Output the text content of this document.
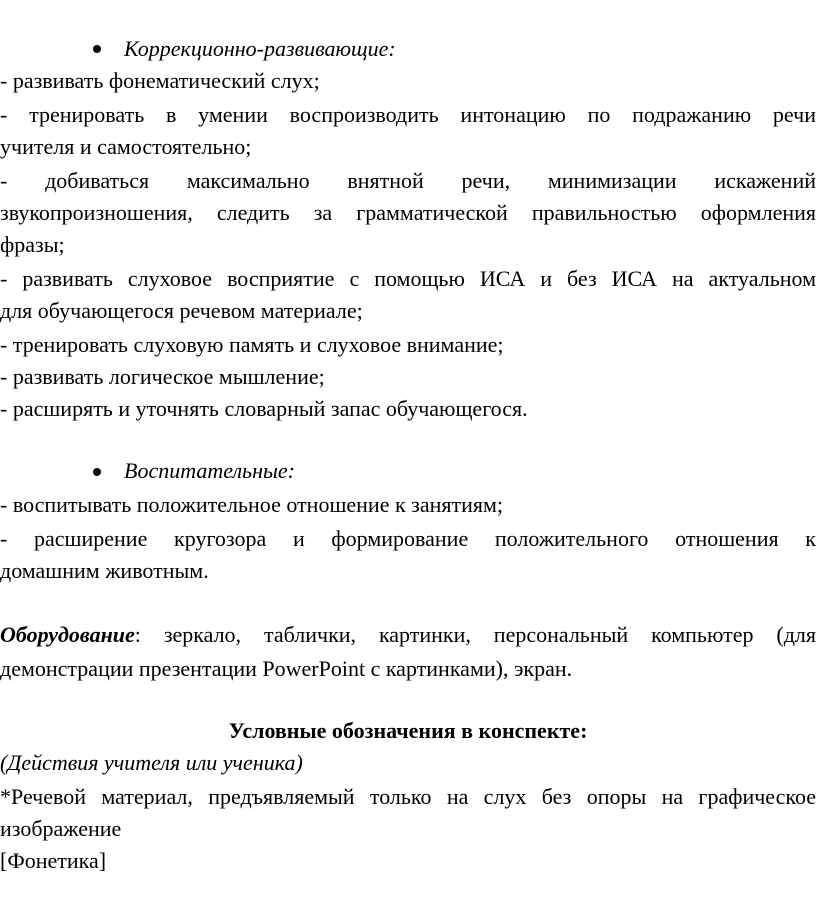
Коррекционно-развивающие:
- развивать фонематический слух;
- тренировать в умении воспроизводить интонацию по подражанию речи
учителя и самостоятельно;
- добиваться максимально внятной речи, минимизации искажений
звукопроизношения, следить за грамматической правильностью оформления
фразы;
- развивать слуховое восприятие с помощью ИСА и без ИСА на актуальном
для обучающегося речевом материале;
- тренировать слуховую память и слуховое внимание;
- развивать логическое мышление;
- расширять и уточнять словарный запас обучающегося.
Воспитательные:
- воспитывать положительное отношение к занятиям;
- расширение кругозора и формирование положительного отношения к
домашним животным.
Оборудование: зеркало, таблички, картинки, персональный компьютер (для
демонстрации презентации PowerPoint с картинками), экран.
Условные обозначения в конспекте:
(Действия учителя или ученика)
*Речевой материал, предъявляемый только на слух без опоры на графическое
изображение
[Фонетика]
